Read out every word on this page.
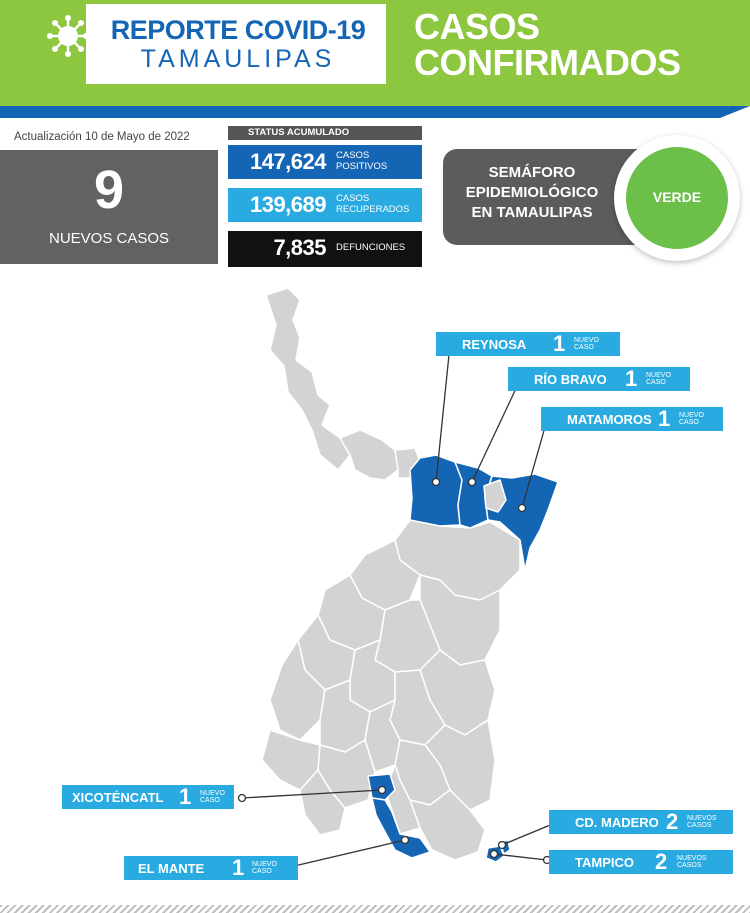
REPORTE COVID-19
TAMAULIPAS
CASOS
CONFIRMADOS
Actualización 10 de Mayo de 2022
9
NUEVOS CASOS
STATUS ACUMULADO
147,624 CASOS
POSITIVOS
139,689 CASOS
RECUPERADOS
7,835 DEFUNCIONES
SEMÁFORO
EPIDEMIOLÓGICO
EN TAMAULIPAS
VERDE
REYNOSA 1 NUEVO
CASO
RÍO BRAVO 1 NUEVO
CASO
MATAMOROS 1 NUEVO
CASO
XICOTÉNCATL 1 NUEVO
CASO
EL MANTE 1 NUEVO
CASO
CD. MADERO 2 NUEVOS
CASOS
TAMPICO 2 NUEVOS
CASOS
